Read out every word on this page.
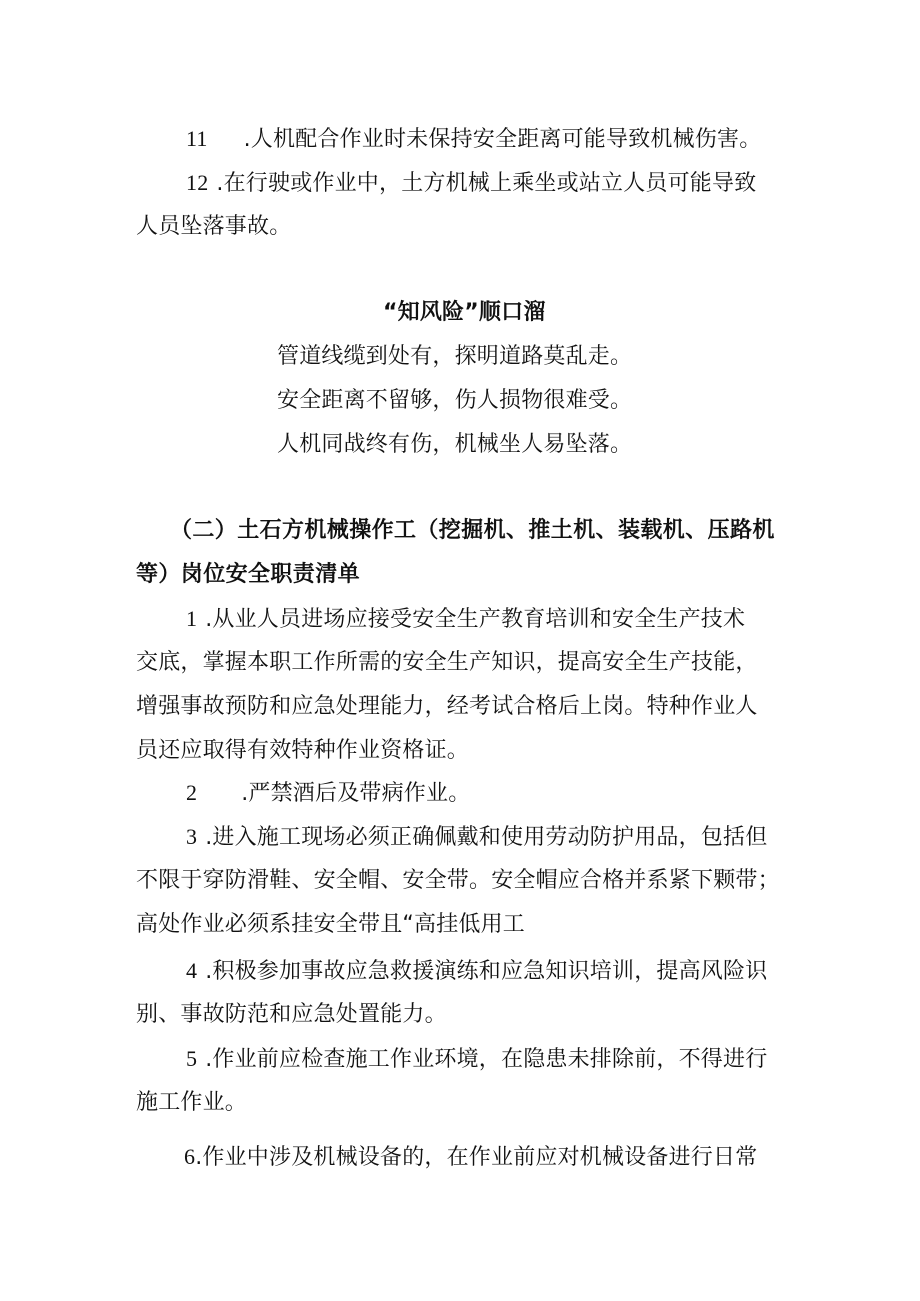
11 .人机配合作业时未保持安全距离可能导致机械伤害。
12 .在行驶或作业中，土方机械上乘坐或站立人员可能导致
人员坠落事故。
“知风险”顺口溜
管道线缆到处有，探明道路莫乱走。
安全距离不留够，伤人损物很难受。
人机同战终有伤，机械坐人易坠落。
（二）土石方机械操作工（挖掘机、推土机、装载机、压路机
等）岗位安全职责清单
1 .从业人员进场应接受安全生产教育培训和安全生产技术
交底，掌握本职工作所需的安全生产知识，提高安全生产技能，
增强事故预防和应急处理能力，经考试合格后上岗。特种作业人
员还应取得有效特种作业资格证。
2 .严禁酒后及带病作业。
3 .进入施工现场必须正确佩戴和使用劳动防护用品，包括但
不限于穿防滑鞋、安全帽、安全带。安全帽应合格并系紧下颗带；
高处作业必须系挂安全带且“高挂低用工
4 .积极参加事故应急救援演练和应急知识培训，提高风险识
别、事故防范和应急处置能力。
5 .作业前应检查施工作业环境，在隐患未排除前，不得进行
施工作业。
6.作业中涉及机械设备的，在作业前应对机械设备进行日常
